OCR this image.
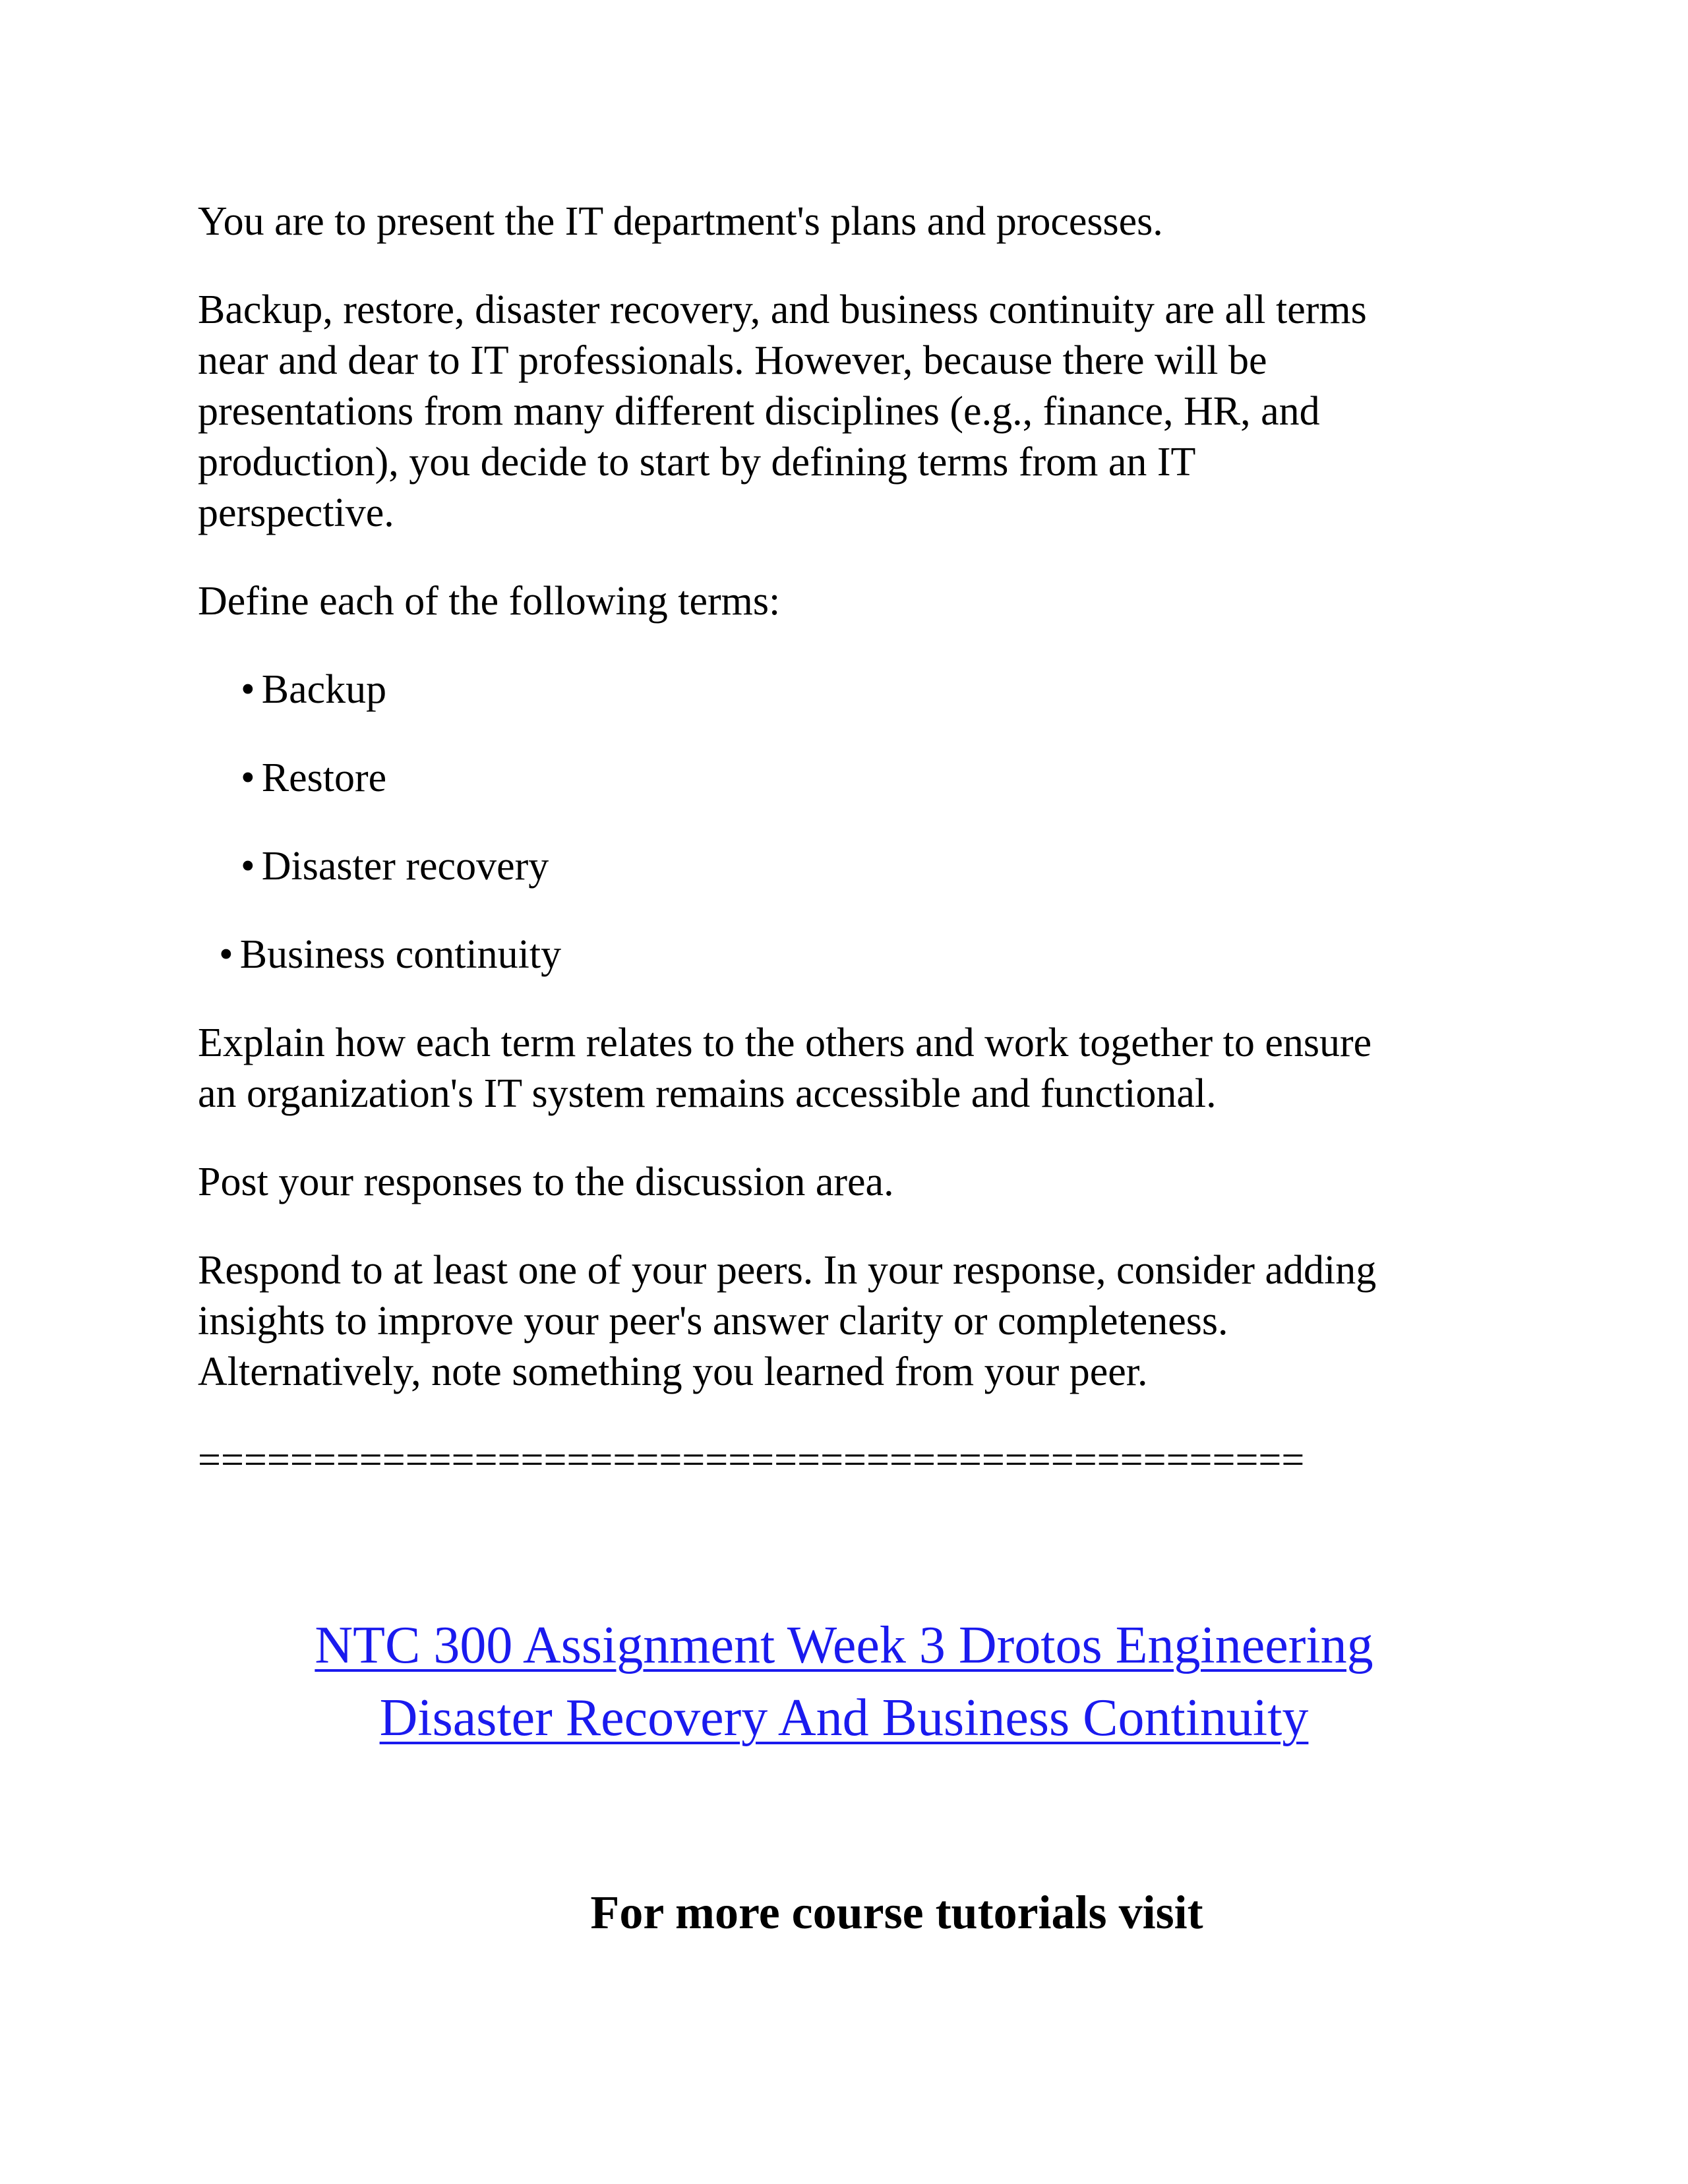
You are to present the IT department's plans and processes.

Backup, restore, disaster recovery, and business continuity are all terms
near and dear to IT professionals. However, because there will be
presentations from many different disciplines (e.g., finance, HR, and
production), you decide to start by defining terms from an IT
perspective.

Define each of the following terms:

• Backup

• Restore

• Disaster recovery

• Business continuity

Explain how each term relates to the others and work together to ensure
an organization's IT system remains accessible and functional.

Post your responses to the discussion area.

Respond to at least one of your peers. In your response, consider adding
insights to improve your peer's answer clarity or completeness.
Alternatively, note something you learned from your peer.

================================================

NTC 300 Assignment Week 3 Drotos Engineering

Disaster Recovery And Business Continuity

For more course tutorials visit
